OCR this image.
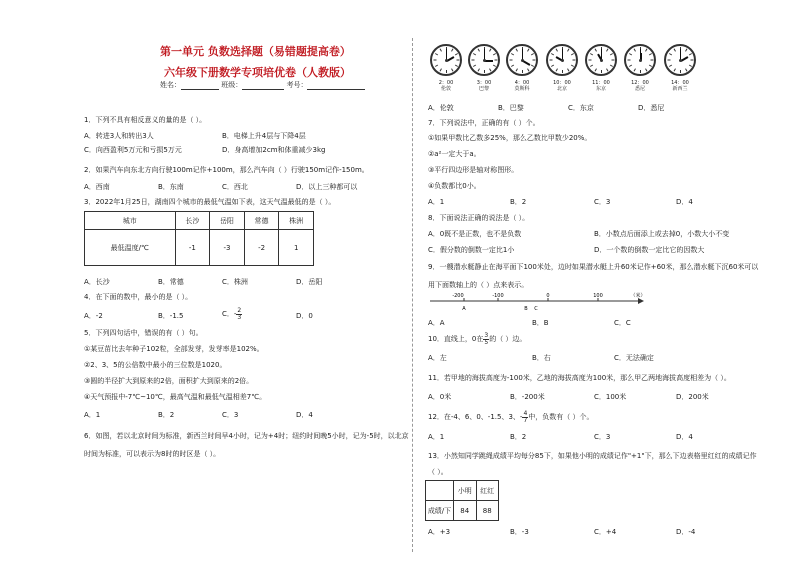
第一单元 负数选择题（易错题提高卷）
六年级下册数学专项培优卷（人教版）
姓名：	班级：	考号：
1．下列不具有相反意义的量的是（ ）。
A．转进3人和转出3人	B．电梯上升4层与下降4层
C．向西盈利5万元和亏损5万元	D．身高增加2cm和体重减少3kg
2．如果汽车向东北方向行驶100m记作+100m，那么汽车向（ ）行驶150m记作-150m。
A．西南	B．东南	C．西北	D．以上三种都可以
3．2022年1月25日，湖南四个城市的最低气温如下表，这天气温最低的是（ ）。
城市	长沙	岳阳	常德	株洲
最低温度/℃	-1	-3	-2	1
A．长沙	B．常德	C．株洲	D．岳阳
4．在下面的数中，最小的是（ ）。
A．-2	B．-1.5	C．- $\frac{2}{3}$	D．0
5．下列四句话中，错误的有（ ）句。
①某豆苗比去年种子102粒，全部发芽，发芽率是102%。
②2、3、5的公倍数中最小的三位数是1020。
③圆的半径扩大到原来的2倍，面积扩大到原来的2倍。
④天气预报中-7℃~10℃，最高气温和最低气温相差7℃。
A．1	B．2	C．3	D．4
6．如图，若以北京时间为标准，新西兰时间早4小时，记为+4时；纽约时间晚5小时，记为-5时，以北京
时间为标准，可以表示为8时的时区是（ ）。
2：00
伦敦
3：00
巴黎
4：00
莫斯科
10：00
北京
11：00
东京
12：00
悉尼
14：00
新西兰
A．伦敦	B．巴黎	C．东京	D．悉尼
7．下列说法中，正确的有（ ）个。
①如果甲数比乙数多25%，那么乙数比甲数少20%。
②a²一定大于a。
③平行四边形是轴对称图形。
④负数都比0小。
A．1	B．2	C．3	D．4
8．下面说法正确的说法是（ ）。
A．0既不是正数，也不是负数	B．小数点后面添上或去掉0，小数大小不变
C．假分数的倒数一定比1小	D．一个数的倒数一定比它的因数大
9．一艘潜水艇静止在海平面下100米处，边时如果潜水艇上升60米记作+60米，那么潜水艇下沉60米可以
用下面数轴上的（ ）点来表示。
-200	-100	0	100	（米）
A	B C
A．A	B．B	C．C
10．直线上，0在 $\frac{3}{5}$ 的（ ）边。
A．左	B．右	C．无法确定
11．若甲地的海拔高度为-100米，乙地的海拔高度为100米，那么甲乙两地海拔高度相差为（ ）。
A．0米	B．-200米	C．100米	D．200米
12．在-4、6、0、-1.5、3、- $\frac{4}{7}$ 中，负数有（ ）个。
A．1	B．2	C．3	D．4
13．小然知同学跳绳成绩平均每分85下，如果他小明的成绩记作"+1"下，那么下边表格里红红的成绩记作
（ ）。
	小明	红红
成绩/下	84	88
A．+3	B．-3	C．+4	D．-4
